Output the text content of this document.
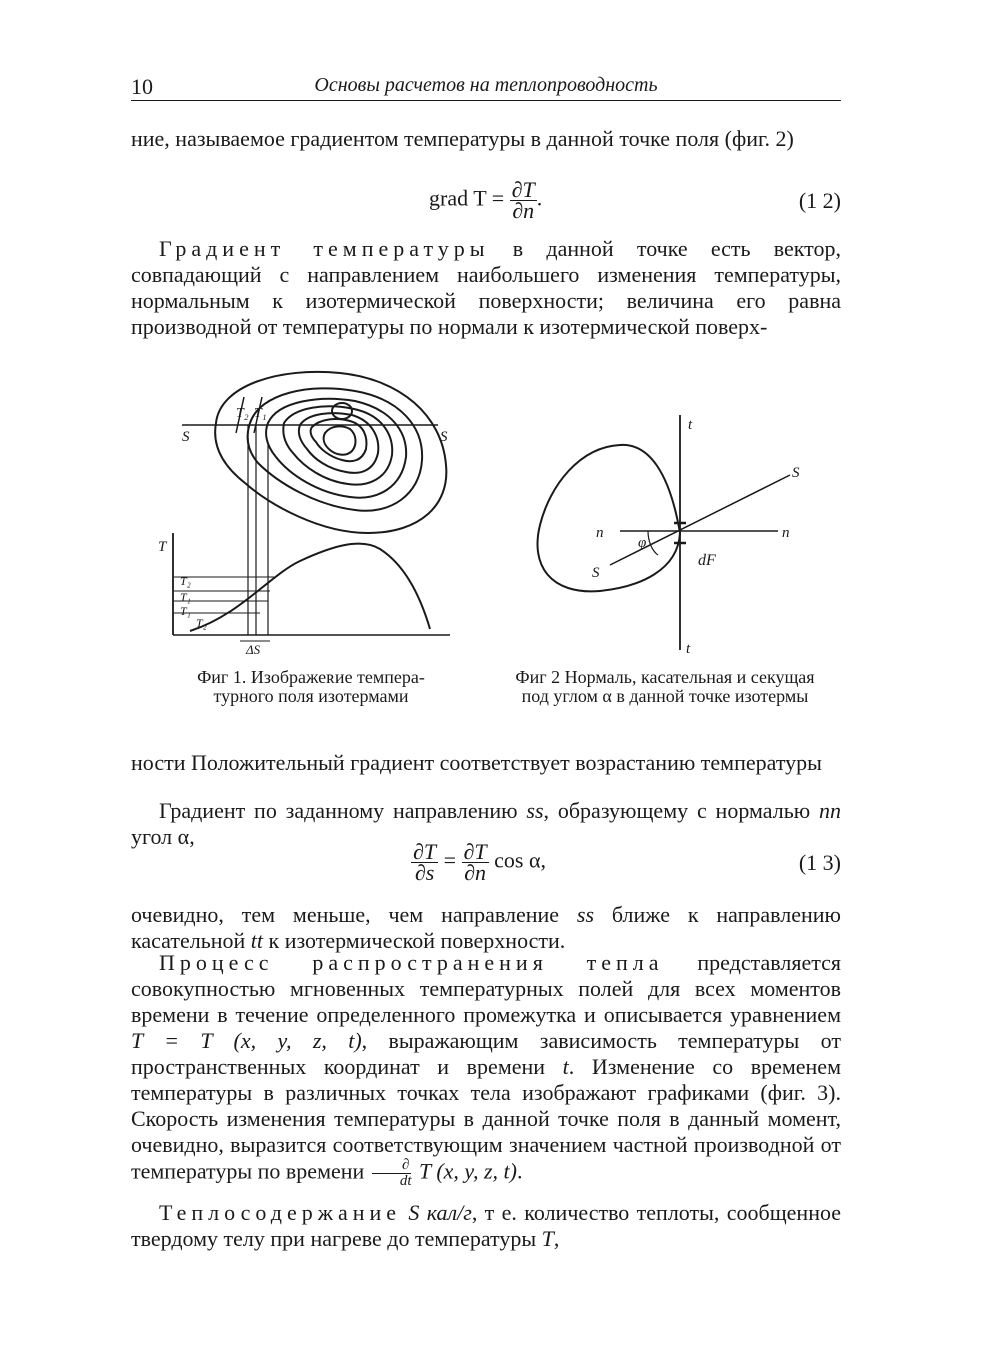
10	Основы расчетов на теплопроводность
ние, называемое градиентом температуры в данной точке поля (фиг. 2)
grad $T = \frac{\partial T}{\partial n}$ .	(1 2)
Градиент температуры в данной точке есть вектор, совпадающий с направлением наибольшего изменения температуры, нормальным к изотермической поверхности; величина его равна производной от температуры по нормали к изотермической поверх-
S	S
T₂ T₁
T
T₂
T₁
T₁
T₂
ΔS
Фиг 1. Изображеʀие темпера- турного поля изотермами
t
t
S
S
n	n
φ
dF
Фиг 2 Нормаль, касательная и секущая под углом α в данной точке изотермы
ности Положительный градиент соответствует возрастанию температуры
Градиент по заданному направлению ss, образующему с нормалью пп угол α,
$\frac{\partial T}{\partial s} = \frac{\partial T}{\partial n}$ cos α,	(1 3)
очевидно, тем меньше, чем направление ss ближе к направлению касательной tt к изотермической поверхности.
Процесс распространения тепла представляется совокупностью мгновенных температурных полей для всех моментов времени в течение определенного промежутка и описывается уравнением T = T (x, y, z, t), выражающим зависимость температуры от пространственных координат и времени t. Изменение со временем температуры в различных точках тела изображают графиками (фиг. 3). Скорость изменения температуры в данной точке поля в данный момент, очевидно, выразится соответствующим значением частной производной от температуры по времени $\frac{\partial}{dt}$ T (x, y, z, t).
Теплосодержание S кал/г, т е. количество теплоты, сообщенное твердому телу при нагреве до температуры T,
